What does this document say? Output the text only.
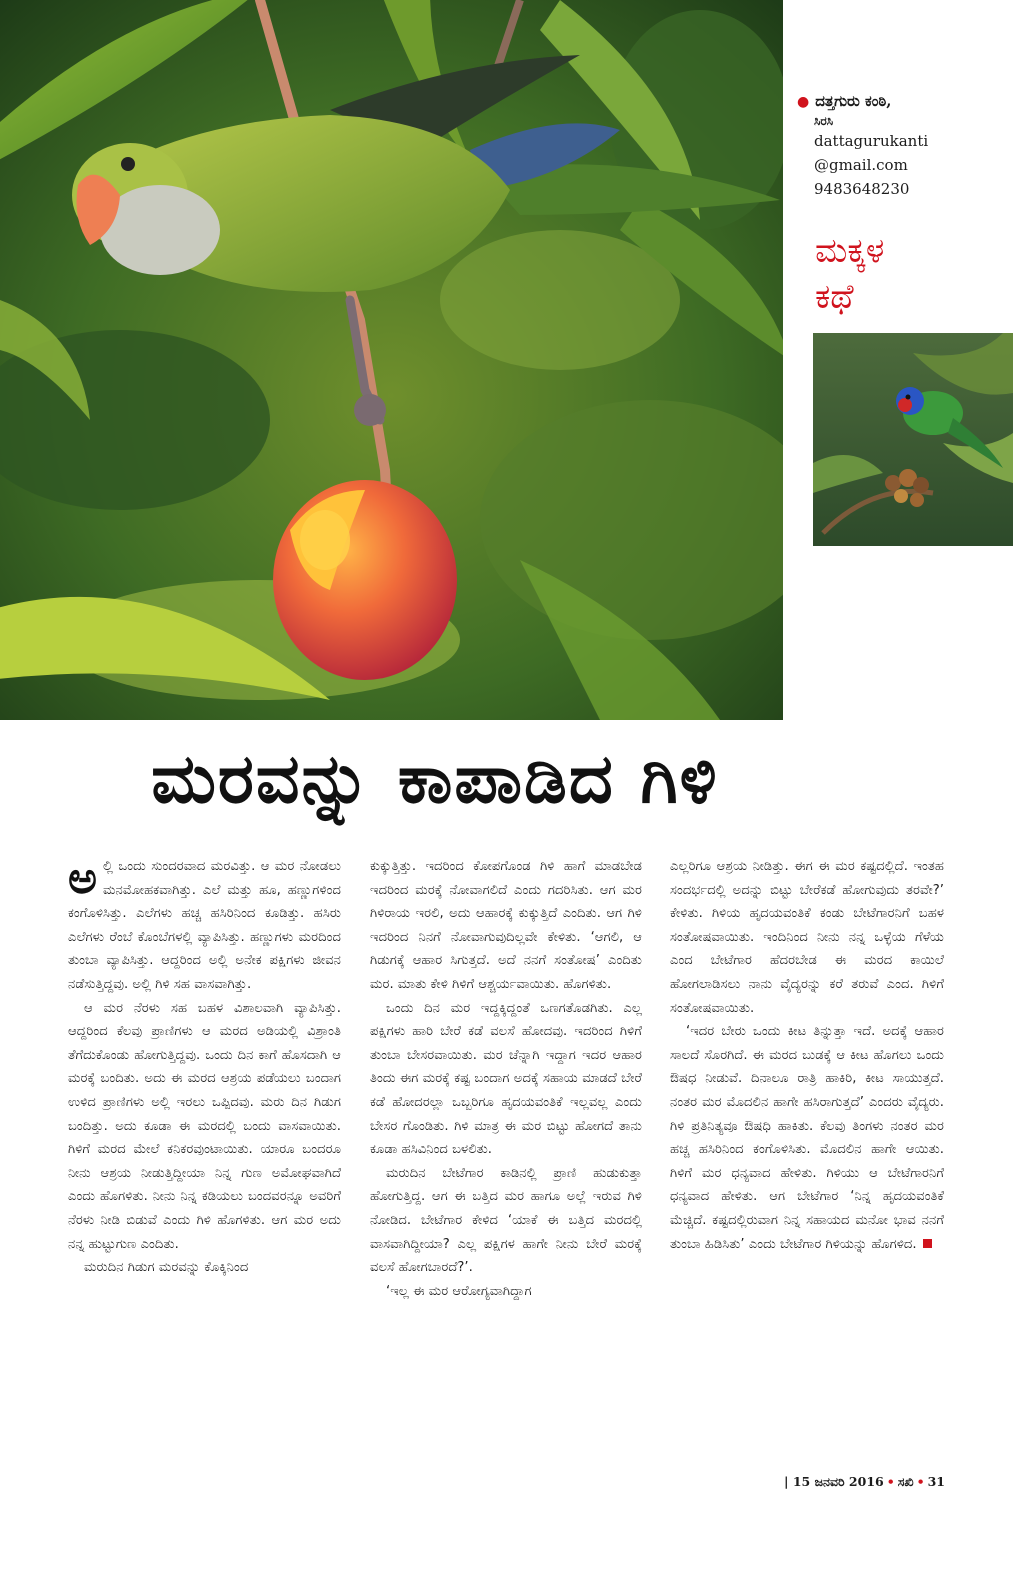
● ದತ್ತಗುರು ಕಂಠಿ,
ಸಿರಸಿ
dattagurukanti
@gmail.com
9483648230
ಮಕ್ಕಳ
ಕಥೆ
ಮರವನ್ನು ಕಾಪಾಡಿದ ಗಿಳಿ

ಅಲ್ಲಿ ಒಂದು ಸುಂದರವಾದ ಮರವಿತ್ತು. ಆ ಮರ ನೋಡಲು ಮನಮೋಹಕವಾಗಿತ್ತು. ಎಲೆ ಮತ್ತು ಹೂ, ಹಣ್ಣುಗಳಿಂದ ಕಂಗೊಳಿಸಿತ್ತು. ಎಲೆಗಳು ಹಚ್ಚ ಹಸಿರಿನಿಂದ ಕೂಡಿತ್ತು. ಹಸಿರು ಎಲೆಗಳು ರೆಂಬೆ ಕೊಂಬೆಗಳಲ್ಲಿ ವ್ಯಾಪಿಸಿತ್ತು. ಹಣ್ಣುಗಳು ಮರದಿಂದ ತುಂಬಾ ವ್ಯಾಪಿಸಿತ್ತು. ಆದ್ದರಿಂದ ಅಲ್ಲಿ ಅನೇಕ ಪಕ್ಷಿಗಳು ಜೀವನ ನಡೆಸುತ್ತಿದ್ದವು. ಅಲ್ಲಿ ಗಿಳಿ ಸಹ ವಾಸವಾಗಿತ್ತು.

ಆ ಮರ ನೆರಳು ಸಹ ಬಹಳ ವಿಶಾಲವಾಗಿ ವ್ಯಾಪಿಸಿತ್ತು. ಆದ್ದರಿಂದ ಕೆಲವು ಪ್ರಾಣಿಗಳು ಆ ಮರದ ಅಡಿಯಲ್ಲಿ ವಿಶ್ರಾಂತಿ ತೆಗೆದುಕೊಂಡು ಹೋಗುತ್ತಿದ್ದವು. ಒಂದು ದಿನ ಕಾಗೆ ಹೊಸದಾಗಿ ಆ ಮರಕ್ಕೆ ಬಂದಿತು. ಅದು ಈ ಮರದ ಆಶ್ರಯ ಪಡೆಯಲು ಬಂದಾಗ ಉಳಿದ ಪ್ರಾಣಿಗಳು ಅಲ್ಲಿ ಇರಲು ಒಪ್ಪಿದವು. ಮರು ದಿನ ಗಿಡುಗ ಬಂದಿತ್ತು. ಅದು ಕೂಡಾ ಈ ಮರದಲ್ಲಿ ಬಂದು ವಾಸವಾಯಿತು. ಗಿಳಿಗೆ ಮರದ ಮೇಲೆ ಕನಿಕರವುಂಟಾಯಿತು. ಯಾರೂ ಬಂದರೂ ನೀನು ಆಶ್ರಯ ನೀಡುತ್ತಿದ್ದೀಯಾ ನಿನ್ನ ಗುಣ ಅಮೋಘವಾಗಿದೆ ಎಂದು ಹೊಗಳಿತು. ನೀನು ನಿನ್ನ ಕಡಿಯಲು ಬಂದವರನ್ನೂ ಅವರಿಗೆ ನೆರಳು ನೀಡಿ ಬಿಡುವೆ ಎಂದು ಗಿಳಿ ಹೊಗಳಿತು. ಆಗ ಮರ ಅದು ನನ್ನ ಹುಟ್ಟುಗುಣ ಎಂದಿತು.

ಮರುದಿನ ಗಿಡುಗ ಮರವನ್ನು ಕೊಕ್ಕಿನಿಂದ

ಕುಕ್ಕುತ್ತಿತ್ತು. ಇದರಿಂದ ಕೋಪಗೊಂಡ ಗಿಳಿ ಹಾಗೆ ಮಾಡಬೇಡ ಇದರಿಂದ ಮರಕ್ಕೆ ನೋವಾಗಲಿದೆ ಎಂದು ಗದರಿಸಿತು. ಆಗ ಮರ ಗಿಳಿರಾಯ ಇರಲಿ, ಅದು ಆಹಾರಕ್ಕೆ ಕುಕ್ಕುತ್ತಿದೆ ಎಂದಿತು. ಆಗ ಗಿಳಿ ಇದರಿಂದ ನಿನಗೆ ನೋವಾಗುವುದಿಲ್ಲವೇ ಕೇಳಿತು. ‘ಆಗಲಿ, ಆ ಗಿಡುಗಕ್ಕೆ ಆಹಾರ ಸಿಗುತ್ತದೆ. ಅದೆ ನನಗೆ ಸಂತೋಷ’ ಎಂದಿತು ಮರ. ಮಾತು ಕೇಳಿ ಗಿಳಿಗೆ ಆಶ್ಚರ್ಯವಾಯಿತು. ಹೊಗಳಿತು.

ಒಂದು ದಿನ ಮರ ಇದ್ದಕ್ಕಿದ್ದಂತೆ ಒಣಗತೊಡಗಿತು. ಎಲ್ಲ ಪಕ್ಷಿಗಳು ಹಾರಿ ಬೇರೆ ಕಡೆ ವಲಸೆ ಹೋದವು. ಇದರಿಂದ ಗಿಳಿಗೆ ತುಂಬಾ ಬೇಸರವಾಯಿತು. ಮರ ಚೆನ್ನಾಗಿ ಇದ್ದಾಗ ಇದರ ಆಹಾರ ತಿಂದು ಈಗ ಮರಕ್ಕೆ ಕಷ್ಟ ಬಂದಾಗ ಅದಕ್ಕೆ ಸಹಾಯ ಮಾಡದೆ ಬೇರೆ ಕಡೆ ಹೋದರಲ್ಲಾ ಒಬ್ಬರಿಗೂ ಹೃದಯವಂತಿಕೆ ಇಲ್ಲವಲ್ಲ ಎಂದು ಬೇಸರ ಗೊಂಡಿತು. ಗಿಳಿ ಮಾತ್ರ ಈ ಮರ ಬಿಟ್ಟು ಹೋಗದೆ ತಾನು ಕೂಡಾ ಹಸಿವಿನಿಂದ ಬಳಲಿತು.

ಮರುದಿನ ಬೇಟೆಗಾರ ಕಾಡಿನಲ್ಲಿ ಪ್ರಾಣಿ ಹುಡುಕುತ್ತಾ ಹೋಗುತ್ತಿದ್ದ. ಆಗ ಈ ಬತ್ತಿದ ಮರ ಹಾಗೂ ಅಲ್ಲೆ ಇರುವ ಗಿಳಿ ನೋಡಿದ. ಬೇಟೆಗಾರ ಕೇಳಿದ ‘ಯಾಕೆ ಈ ಬತ್ತಿದ ಮರದಲ್ಲಿ ವಾಸವಾಗಿದ್ದೀಯಾ? ಎಲ್ಲ ಪಕ್ಷಿಗಳ ಹಾಗೇ ನೀನು ಬೇರೆ ಮರಕ್ಕೆ ವಲಸೆ ಹೋಗಬಾರದೆ?’.

‘ಇಲ್ಲ ಈ ಮರ ಆರೋಗ್ಯವಾಗಿದ್ದಾಗ

ಎಲ್ಲರಿಗೂ ಆಶ್ರಯ ನೀಡಿತ್ತು. ಈಗ ಈ ಮರ ಕಷ್ಟದಲ್ಲಿದೆ. ಇಂತಹ ಸಂದರ್ಭದಲ್ಲಿ ಅದನ್ನು ಬಿಟ್ಟು ಬೇರೆಕಡೆ ಹೋಗುವುದು ತರವೇ?’ ಕೇಳಿತು. ಗಿಳಿಯ ಹೃದಯವಂತಿಕೆ ಕಂಡು ಬೇಟೆಗಾರನಿಗೆ ಬಹಳ ಸಂತೋಷವಾಯಿತು. ಇಂದಿನಿಂದ ನೀನು ನನ್ನ ಒಳ್ಳೆಯ ಗೆಳೆಯ ಎಂದ ಬೇಟೆಗಾರ ಹೆದರಬೇಡ ಈ ಮರದ ಕಾಯಿಲೆ ಹೋಗಲಾಡಿಸಲು ನಾನು ವೈದ್ಯರನ್ನು ಕರೆ ತರುವೆ ಎಂದ. ಗಿಳಿಗೆ ಸಂತೋಷವಾಯಿತು.

‘ಇದರ ಬೇರು ಒಂದು ಕೀಟ ತಿನ್ನುತ್ತಾ ಇದೆ. ಅದಕ್ಕೆ ಆಹಾರ ಸಾಲದೆ ಸೊರಗಿದೆ. ಈ ಮರದ ಬುಡಕ್ಕೆ ಆ ಕೀಟ ಹೊಗಲು ಒಂದು ಔಷಧ ನೀಡುವೆ. ದಿನಾಲೂ ರಾತ್ರಿ ಹಾಕಿರಿ, ಕೀಟ ಸಾಯುತ್ತದೆ. ನಂತರ ಮರ ಮೊದಲಿನ ಹಾಗೇ ಹಸಿರಾಗುತ್ತದೆ’ ಎಂದರು ವೈದ್ಯರು. ಗಿಳಿ ಪ್ರತಿನಿತ್ಯವೂ ಔಷಧಿ ಹಾಕಿತು. ಕೆಲವು ತಿಂಗಳು ನಂತರ ಮರ ಹಚ್ಚ ಹಸಿರಿನಿಂದ ಕಂಗೊಳಿಸಿತು. ಮೊದಲಿನ ಹಾಗೇ ಆಯಿತು. ಗಿಳಿಗೆ ಮರ ಧನ್ಯವಾದ ಹೇಳಿತು. ಗಿಳಿಯು ಆ ಬೇಟೆಗಾರನಿಗೆ ಧನ್ಯವಾದ ಹೇಳಿತು. ಆಗ ಬೇಟೆಗಾರ ‘ನಿನ್ನ ಹೃದಯವಂತಿಕೆ ಮೆಚ್ಚಿದೆ. ಕಷ್ಟದಲ್ಲಿರುವಾಗ ನಿನ್ನ ಸಹಾಯದ ಮನೋ ಭಾವ ನನಗೆ ತುಂಬಾ ಹಿಡಿಸಿತು’ ಎಂದು ಬೇಟೆಗಾರ ಗಿಳಿಯನ್ನು ಹೊಗಳಿದ.

| 15 ಜನವರಿ 2016 • ಸಖಿ • 31
